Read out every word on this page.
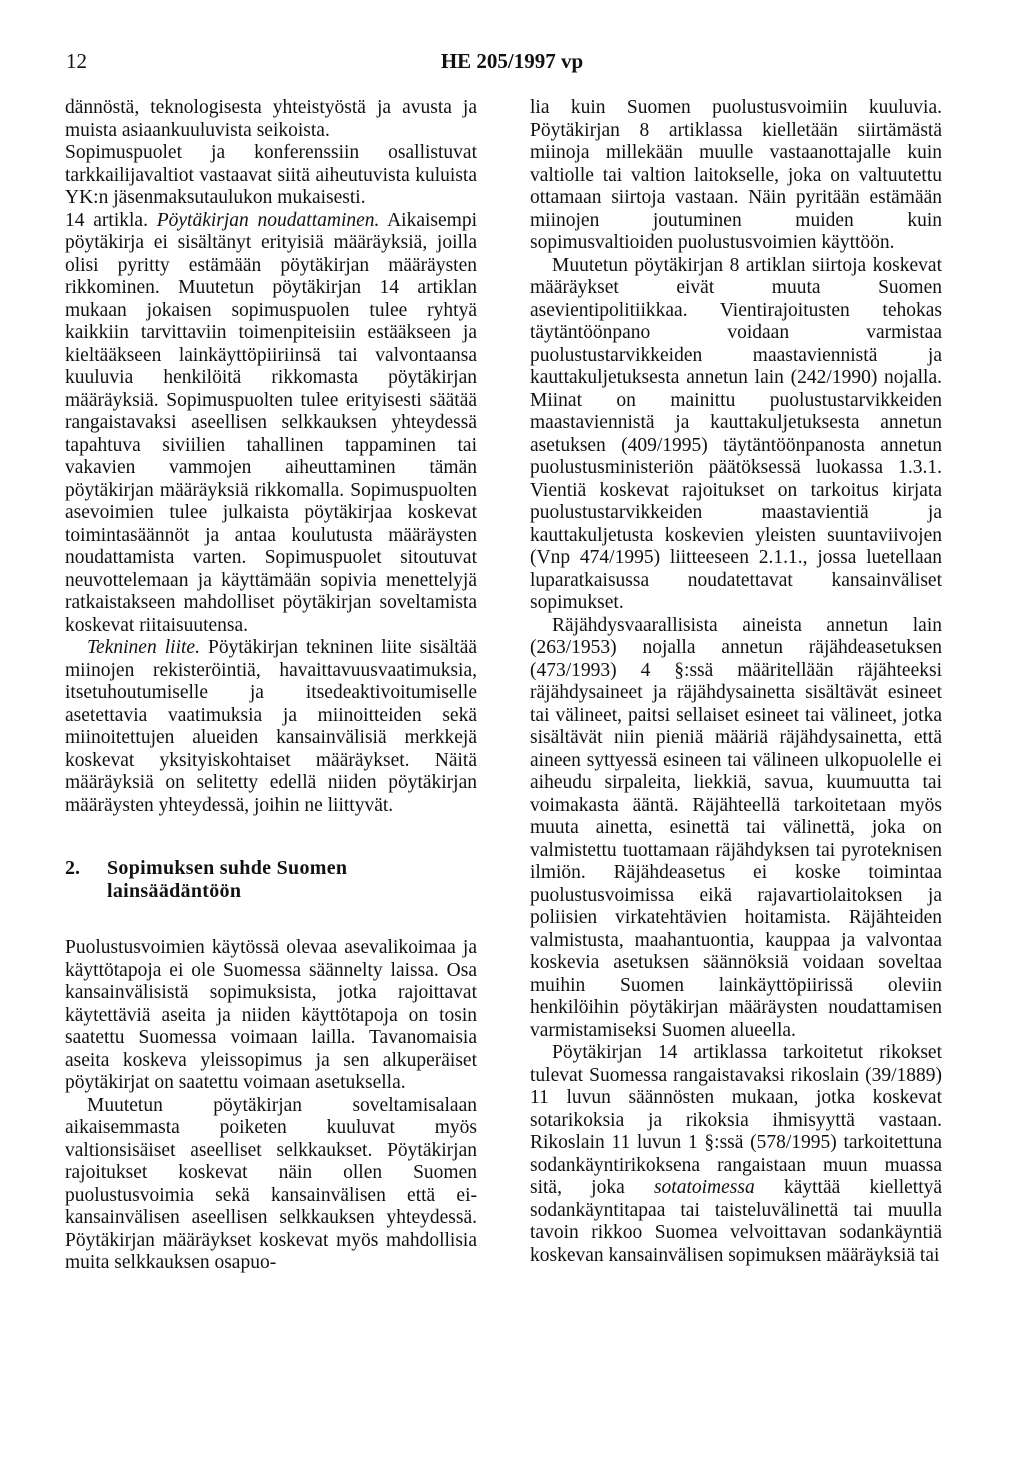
12	HE 205/1997 vp

dännöstä, teknologisesta yhteistyöstä ja avusta ja muista asiaankuuluvista seikoista.

Sopimuspuolet ja konferenssiin osallistuvat tarkkailijavaltiot vastaavat siitä aiheutuvista kuluista YK:n jäsenmaksutaulukon mukaisesti.

14 artikla. Pöytäkirjan noudattaminen. Aikaisempi pöytäkirja ei sisältänyt erityisiä määräyksiä, joilla olisi pyritty estämään pöytäkirjan määräysten rikkominen. Muutetun pöytäkirjan 14 artiklan mukaan jokaisen sopimuspuolen tulee ryhtyä kaikkiin tarvittaviin toimenpiteisiin estääkseen ja kieltääkseen lainkäyttöpiiriinsä tai valvontaansa kuuluvia henkilöitä rikkomasta pöytäkirjan määräyksiä. Sopimuspuolten tulee erityisesti säätää rangaistavaksi aseellisen selkkauksen yhteydessä tapahtuva siviilien tahallinen tappaminen tai vakavien vammojen aiheuttaminen tämän pöytäkirjan määräyksiä rikkomalla. Sopimuspuolten asevoimien tulee julkaista pöytäkirjaa koskevat toimintasäännöt ja antaa koulutusta määräysten noudattamista varten. Sopimuspuolet sitoutuvat neuvottelemaan ja käyttämään sopivia menettelyjä ratkaistakseen mahdolliset pöytäkirjan soveltamista koskevat riitaisuutensa.

Tekninen liite. Pöytäkirjan tekninen liite sisältää miinojen rekisteröintiä, havaittavuusvaatimuksia, itsetuhoutumiselle ja itsedeaktivoitumiselle asetettavia vaatimuksia ja miinoitteiden sekä miinoitettujen alueiden kansainvälisiä merkkejä koskevat yksityiskohtaiset määräykset. Näitä määräyksiä on selitetty edellä niiden pöytäkirjan määräysten yhteydessä, joihin ne liittyvät.

2.	Sopimuksen suhde Suomen lainsäädäntöön

Puolustusvoimien käytössä olevaa asevalikoimaa ja käyttötapoja ei ole Suomessa säännelty laissa. Osa kansainvälisistä sopimuksista, jotka rajoittavat käytettäviä aseita ja niiden käyttötapoja on tosin saatettu Suomessa voimaan lailla. Tavanomaisia aseita koskeva yleissopimus ja sen alkuperäiset pöytäkirjat on saatettu voimaan asetuksella.

Muutetun pöytäkirjan soveltamisalaan aikaisemmasta poiketen kuuluvat myös valtionsisäiset aseelliset selkkaukset. Pöytäkirjan rajoitukset koskevat näin ollen Suomen puolustusvoimia sekä kansainvälisen että ei-kansainvälisen aseellisen selkkauksen yhteydessä. Pöytäkirjan määräykset koskevat myös mahdollisia muita selkkauksen osapuo-

lia kuin Suomen puolustusvoimiin kuuluvia. Pöytäkirjan 8 artiklassa kielletään siirtämästä miinoja millekään muulle vastaanottajalle kuin valtiolle tai valtion laitokselle, joka on valtuutettu ottamaan siirtoja vastaan. Näin pyritään estämään miinojen joutuminen muiden kuin sopimusvaltioiden puolustusvoimien käyttöön.

Muutetun pöytäkirjan 8 artiklan siirtoja koskevat määräykset eivät muuta Suomen asevientipolitiikkaa. Vientirajoitusten tehokas täytäntöönpano voidaan varmistaa puolustustarvikkeiden maastaviennistä ja kauttakuljetuksesta annetun lain (242/1990) nojalla. Miinat on mainittu puolustustarvikkeiden maastaviennistä ja kauttakuljetuksesta annetun asetuksen (409/1995) täytäntöönpanosta annetun puolustusministeriön päätöksessä luokassa 1.3.1. Vientiä koskevat rajoitukset on tarkoitus kirjata puolustustarvikkeiden maastavientiä ja kauttakuljetusta koskevien yleisten suuntaviivojen (Vnp 474/1995) liitteeseen 2.1.1., jossa luetellaan luparatkaisussa noudatettavat kansainväliset sopimukset.

Räjähdysvaarallisista aineista annetun lain (263/1953) nojalla annetun räjähdeasetuksen (473/1993) 4 §:ssä määritellään räjähteeksi räjähdysaineet ja räjähdysainetta sisältävät esineet tai välineet, paitsi sellaiset esineet tai välineet, jotka sisältävät niin pieniä määriä räjähdysainetta, että aineen syttyessä esineen tai välineen ulkopuolelle ei aiheudu sirpaleita, liekkiä, savua, kuumuutta tai voimakasta ääntä. Räjähteellä tarkoitetaan myös muuta ainetta, esinettä tai välinettä, joka on valmistettu tuottamaan räjähdyksen tai pyroteknisen ilmiön. Räjähdeasetus ei koske toimintaa puolustusvoimissa eikä rajavartiolaitoksen ja poliisien virkatehtävien hoitamista. Räjähteiden valmistusta, maahantuontia, kauppaa ja valvontaa koskevia asetuksen säännöksiä voidaan soveltaa muihin Suomen lainkäyttöpiirissä oleviin henkilöihin pöytäkirjan määräysten noudattamisen varmistamiseksi Suomen alueella.

Pöytäkirjan 14 artiklassa tarkoitetut rikokset tulevat Suomessa rangaistavaksi rikoslain (39/1889) 11 luvun säännösten mukaan, jotka koskevat sotarikoksia ja rikoksia ihmisyyttä vastaan. Rikoslain 11 luvun 1 §:ssä (578/1995) tarkoitettuna sodankäyntirikoksena rangaistaan muun muassa sitä, joka sotatoimessa käyttää kiellettyä sodankäyntitapaa tai taisteluvälinettä tai muulla tavoin rikkoo Suomea velvoittavan sodankäyntiä koskevan kansainvälisen sopimuksen määräyksiä tai
